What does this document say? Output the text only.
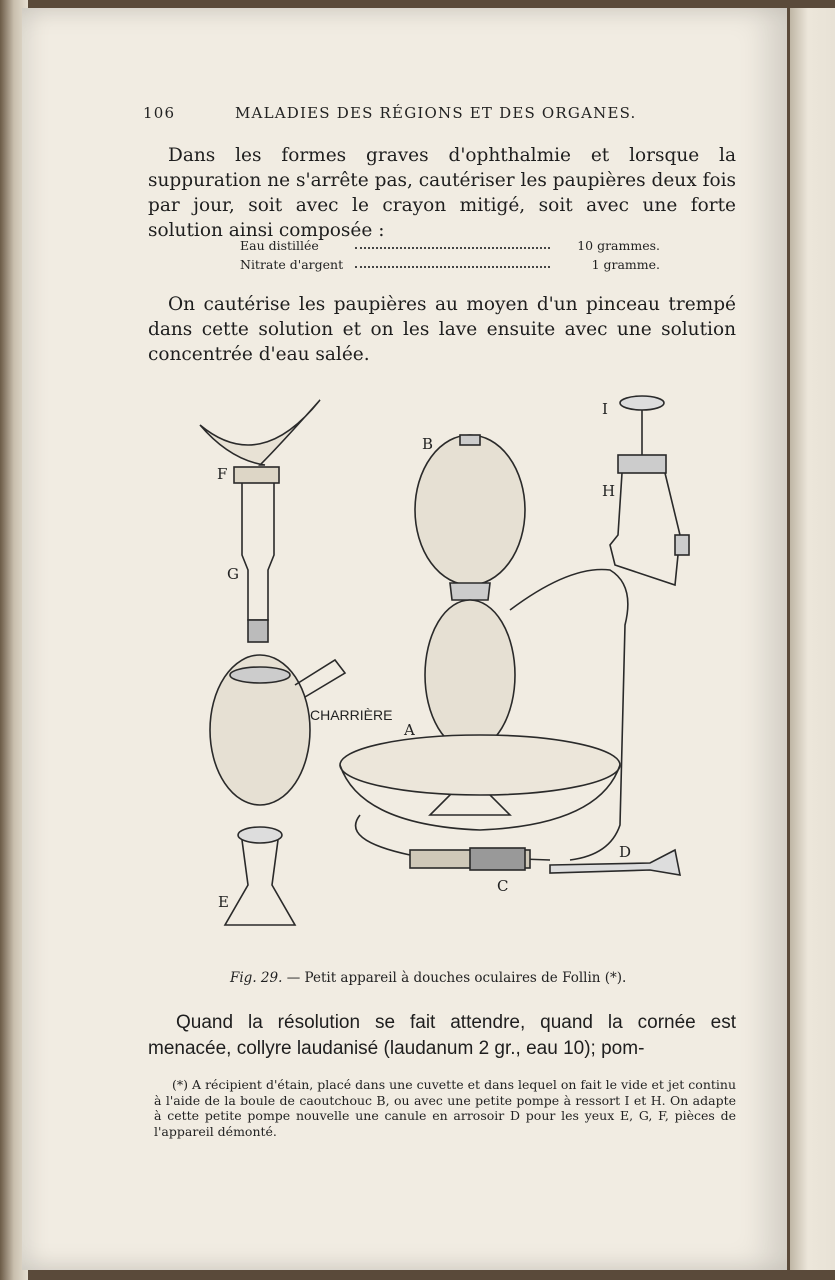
106	MALADIES DES RÉGIONS ET DES ORGANES.
Dans les formes graves d'ophthalmie et lorsque la suppuration ne s'arrête pas, cautériser les paupières deux fois par jour, soit avec le crayon mitigé, soit avec une forte solution ainsi composée :
Eau distillée	10 grammes.
Nitrate d'argent	1 gramme.
On cautérise les paupières au moyen d'un pinceau trempé dans cette solution et on les lave ensuite avec une solution concentrée d'eau salée.
CHARRIÈRE
F
G
B
I
H
A
E
C
D
Fig. 29. — Petit appareil à douches oculaires de Follin (*).
Quand la résolution se fait attendre, quand la cornée est menacée, collyre laudanisé (laudanum 2 gr., eau 10); pom-
(*) A récipient d'étain, placé dans une cuvette et dans lequel on fait le vide et jet continu à l'aide de la boule de caoutchouc B, ou avec une petite pompe à ressort I et H. On adapte à cette petite pompe nouvelle une canule en arrosoir D pour les yeux E, G, F, pièces de l'appareil démonté.
